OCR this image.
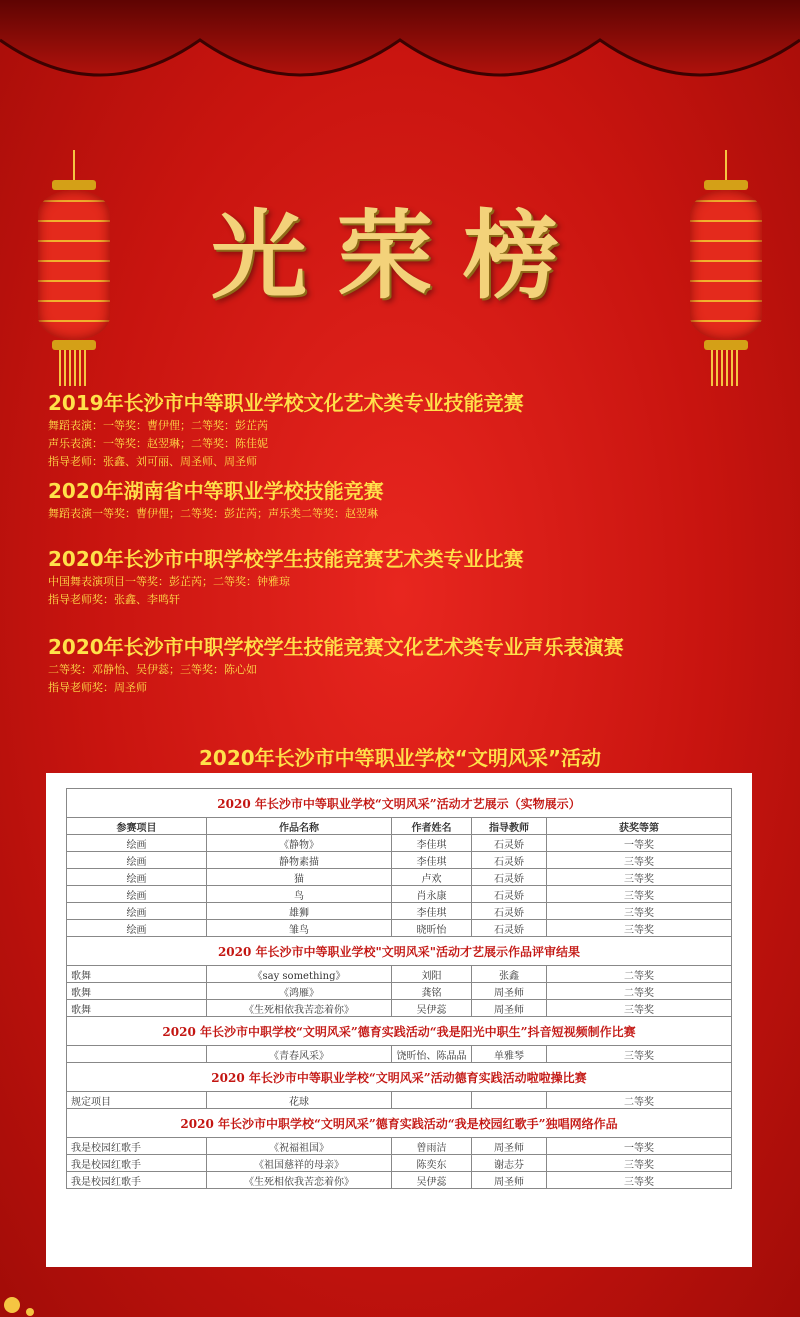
光荣榜
2019年长沙市中等职业学校文化艺术类专业技能竞赛

舞蹈表演：一等奖：曹伊俚；二等奖：彭芷芮

声乐表演：一等奖：赵翌琳；二等奖：陈佳妮

指导老师：张鑫、刘可丽、周圣师、周圣师

2020年湖南省中等职业学校技能竞赛

舞蹈表演一等奖：曹伊俚；二等奖：彭芷芮；声乐类二等奖：赵翌琳

2020年长沙市中职学校学生技能竞赛艺术类专业比赛

中国舞表演项目一等奖：彭芷芮；二等奖：钟雅琼

指导老师奖：张鑫、李鸣轩

2020年长沙市中职学校学生技能竞赛文化艺术类专业声乐表演赛

二等奖：邓静怡、吴伊蕊；三等奖：陈心如

指导老师奖：周圣师

2020年长沙市中等职业学校“文明风采”活动
2020 年长沙市中等职业学校“文明风采”活动才艺展示（实物展示）				
参赛项目	作品名称	作者姓名	指导教师	获奖等第
绘画	《静物》	李佳琪	石灵娇	一等奖
绘画	静物素描	李佳琪	石灵娇	三等奖
绘画	猫	卢欢	石灵娇	三等奖
绘画	鸟	肖永康	石灵娇	三等奖
绘画	雄狮	李佳琪	石灵娇	三等奖
绘画	雏鸟	晓昕怡	石灵娇	三等奖
2020 年长沙市中等职业学校"文明风采"活动才艺展示作品评审结果				
歌舞	《say something》	刘阳	张鑫	二等奖
歌舞	《鸿雁》	龚铭	周圣师	二等奖
歌舞	《生死相依我苦恋着你》	吴伊蕊	周圣师	三等奖
2020 年长沙市中职学校“文明风采”德育实践活动“我是阳光中职生”抖音短视频制作比赛				
	《青春风采》	饶昕怡、陈晶晶	单雅琴	三等奖
2020 年长沙市中等职业学校“文明风采”活动德育实践活动啦啦操比赛				
规定项目	花球			二等奖
2020 年长沙市中职学校“文明风采”德育实践活动“我是校园红歌手”独唱网络作品				
我是校园红歌手	《祝福祖国》	曾雨洁	周圣师	一等奖
我是校园红歌手	《祖国慈祥的母亲》	陈奕东	谢志芬	三等奖
我是校园红歌手	《生死相依我苦恋着你》	吴伊蕊	周圣师	三等奖
